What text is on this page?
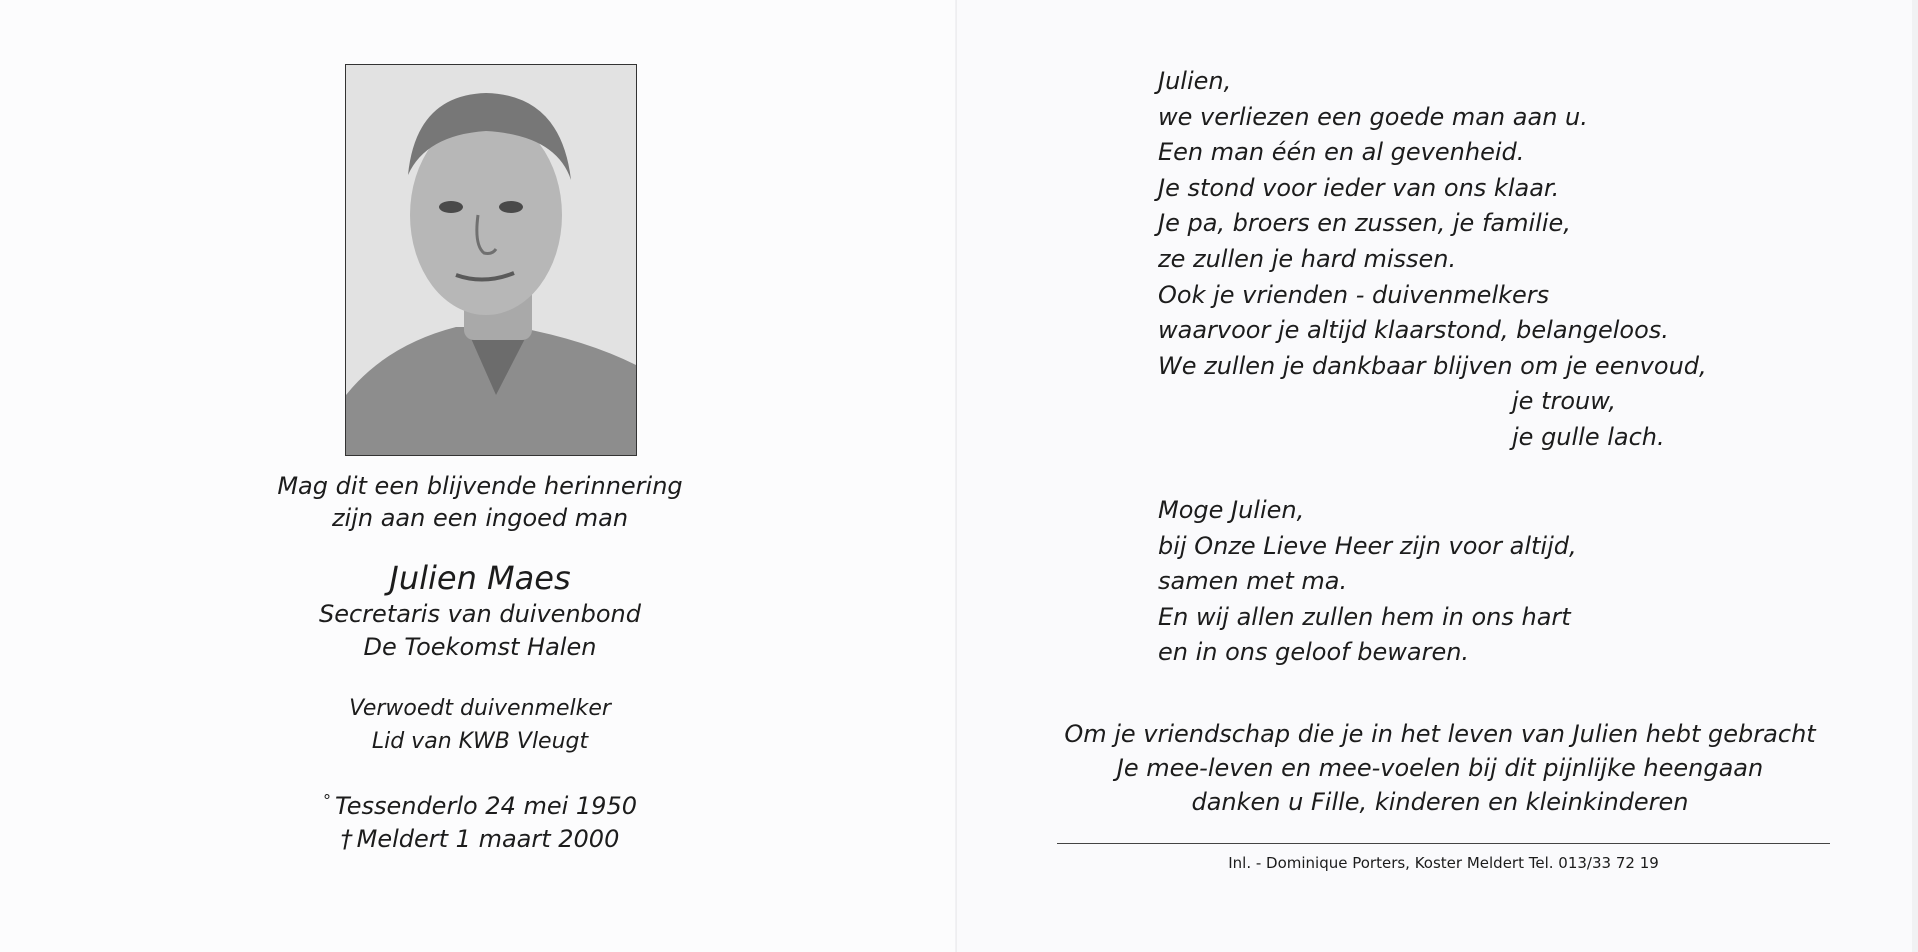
Mag dit een blijvende herinnering
zijn aan een ingoed man
Julien Maes
Secretaris van duivenbond
De Toekomst Halen
Verwoedt duivenmelker
Lid van KWB Vleugt
° Tessenderlo 24 mei 1950
† Meldert 1 maart 2000
Julien,
we verliezen een goede man aan u.
Een man één en al gevenheid.
Je stond voor ieder van ons klaar.
Je pa, broers en zussen, je familie,
ze zullen je hard missen.
Ook je vrienden - duivenmelkers
waarvoor je altijd klaarstond, belangeloos.
We zullen je dankbaar blijven om je eenvoud,
je trouw,
je gulle lach.
Moge Julien,
bij Onze Lieve Heer zijn voor altijd,
samen met ma.
En wij allen zullen hem in ons hart
en in ons geloof bewaren.
Om je vriendschap die je in het leven van Julien hebt gebracht
Je mee-leven en mee-voelen bij dit pijnlijke heengaan
danken u Fille, kinderen en kleinkinderen
Inl. - Dominique Porters, Koster Meldert Tel. 013/33 72 19
